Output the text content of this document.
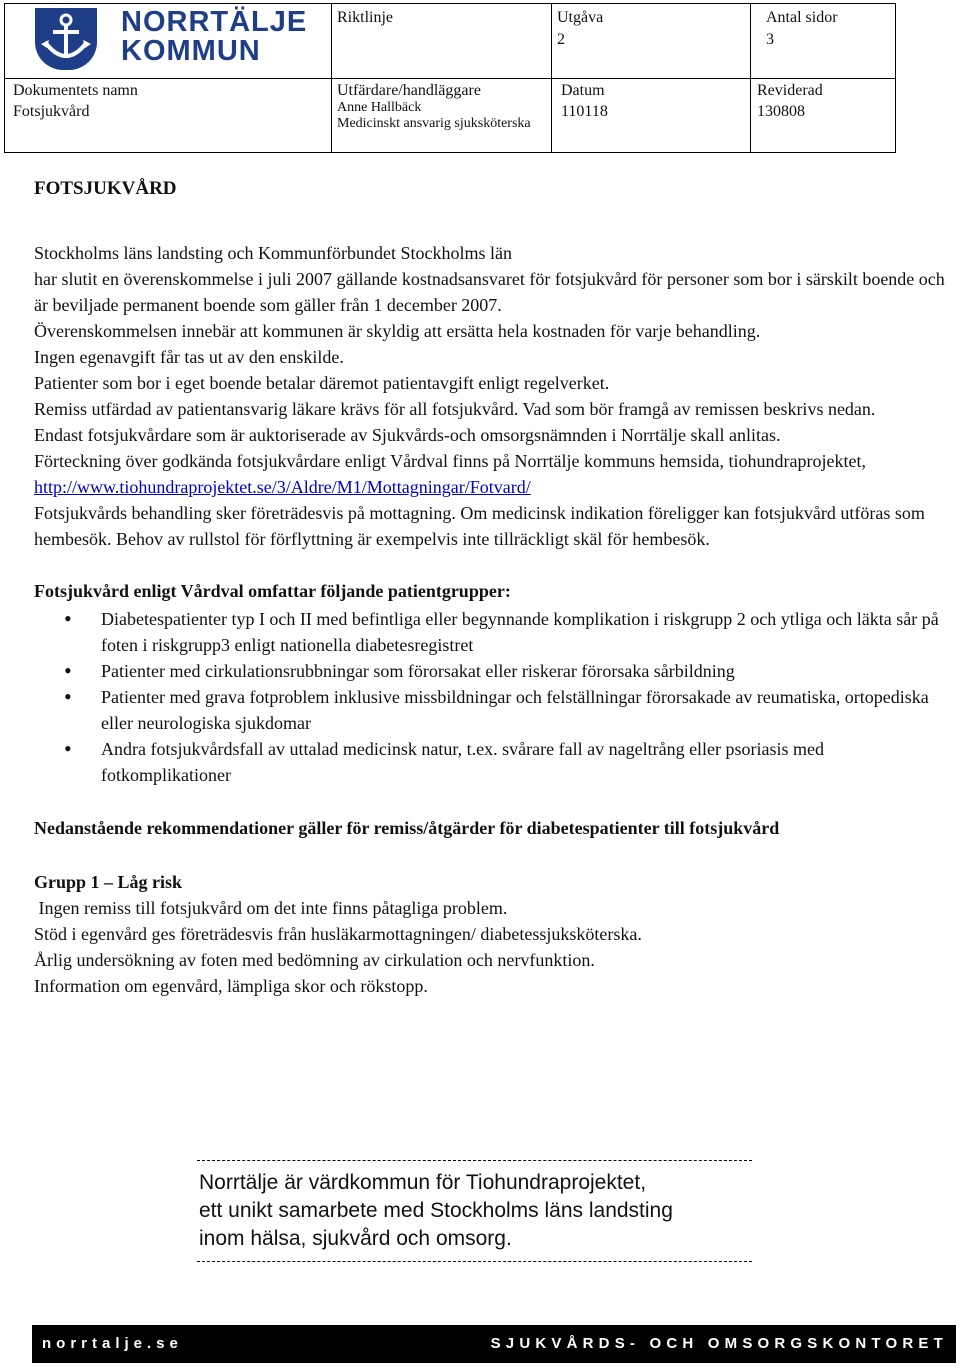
NORRTÄLJE
KOMMUN
Riktlinje	Utgåva
2
Antal sidor
3
Dokumentets namn
Fotsjukvård
Utfärdare/handläggare
Anne Hallbäck
Medicinskt ansvarig sjuksköterska
Datum
110118
Reviderad
130808

FOTSJUKVÅRD

Stockholms läns landsting och Kommunförbundet Stockholms län

har slutit en överenskommelse i juli 2007 gällande kostnadsansvaret för fotsjukvård för personer som bor i särskilt boende och är beviljade permanent boende som gäller från 1 december 2007.

Överenskommelsen innebär att kommunen är skyldig att ersätta hela kostnaden för varje behandling.

Ingen egenavgift får tas ut av den enskilde.

Patienter som bor i eget boende betalar däremot patientavgift enligt regelverket.

Remiss utfärdad av patientansvarig läkare krävs för all fotsjukvård. Vad som bör framgå av remissen beskrivs nedan.

Endast fotsjukvårdare som är auktoriserade av Sjukvårds-och omsorgsnämnden i Norrtälje skall anlitas.

Förteckning över godkända fotsjukvårdare enligt Vårdval finns på Norrtälje kommuns hemsida, tiohundraprojektet, http://www.tiohundraprojektet.se/3/Aldre/M1/Mottagningar/Fotvard/

Fotsjukvårds behandling sker företrädesvis på mottagning. Om medicinsk indikation föreligger kan fotsjukvård utföras som hembesök. Behov av rullstol för förflyttning är exempelvis inte tillräckligt skäl för hembesök.

Fotsjukvård enligt Vårdval omfattar följande patientgrupper:

• Diabetespatienter typ I och II med befintliga eller begynnande komplikation i riskgrupp 2 och ytliga och läkta sår på foten i riskgrupp3 enligt nationella diabetesregistret
• Patienter med cirkulationsrubbningar som förorsakat eller riskerar förorsaka sårbildning
• Patienter med grava fotproblem inklusive missbildningar och felställningar förorsakade av reumatiska, ortopediska eller neurologiska sjukdomar
• Andra fotsjukvårdsfall av uttalad medicinsk natur, t.ex. svårare fall av nageltrång eller psoriasis med fotkomplikationer

Nedanstående rekommendationer gäller för remiss/åtgärder för diabetespatienter till fotsjukvård

Grupp 1 – Låg risk

Ingen remiss till fotsjukvård om det inte finns påtagliga problem.

Stöd i egenvård ges företrädesvis från husläkarmottagningen/ diabetessjuksköterska.

Årlig undersökning av foten med bedömning av cirkulation och nervfunktion.

Information om egenvård, lämpliga skor och rökstopp.

Norrtälje är värdkommun för Tiohundraprojektet,
ett unikt samarbete med Stockholms läns landsting
inom hälsa, sjukvård och omsorg.
norrtalje.se	SJUKVÅRDS- OCH OMSORGSKONTORET
